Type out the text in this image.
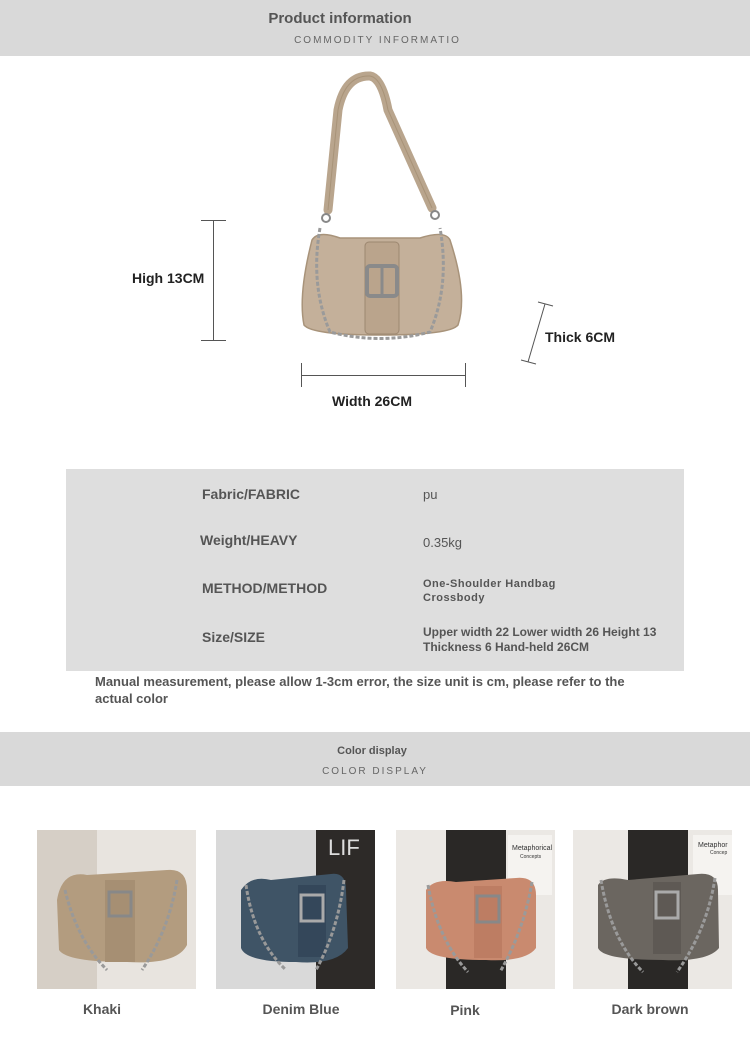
Product information
COMMODITY INFORMATIO
High 13CM
Thick 6CM
Width 26CM
Fabric/FABRIC	pu
Weight/HEAVY	0.35kg
METHOD/METHOD	One-Shoulder Handbag
Crossbody
Size/SIZE	Upper width 22 Lower width 26 Height 13
Thickness 6 Hand-held 26CM
Manual measurement, please allow 1-3cm error, the size unit is cm, please refer to the actual color
Color display
COLOR DISPLAY
Khaki
LIF
Denim Blue
Metaphorical
Concepts
Pink
Metaphor
Concep
Dark brown
